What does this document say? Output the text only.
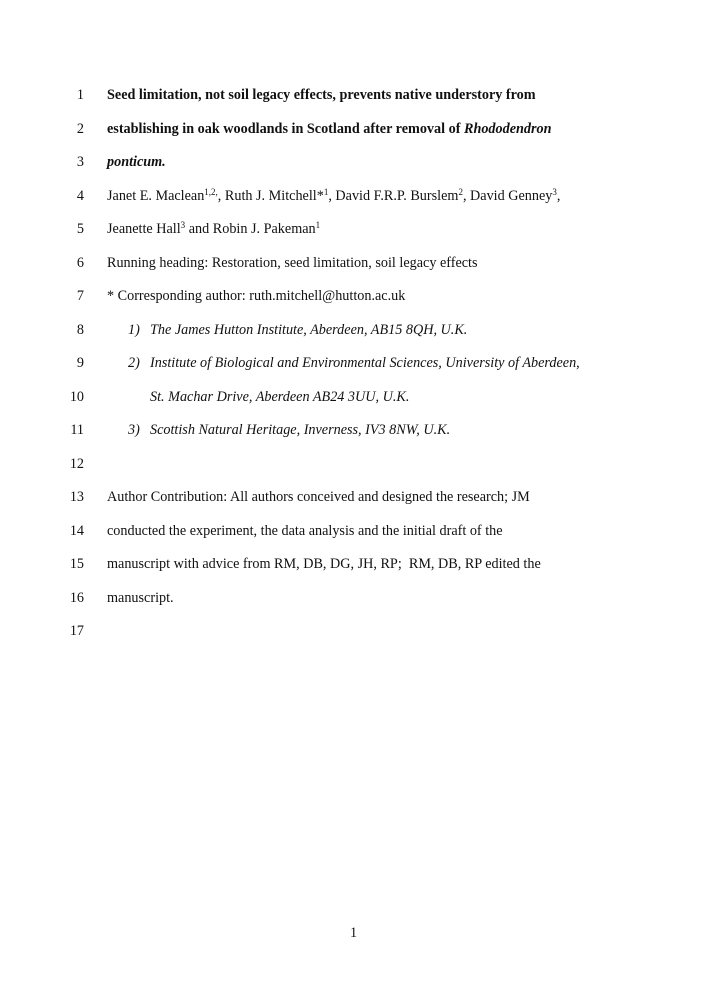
1 Seed limitation, not soil legacy effects, prevents native understory from
2 establishing in oak woodlands in Scotland after removal of Rhododendron
3 ponticum.
4 Janet E. Maclean$^{1,2,}$, Ruth J. Mitchell*$^1$, David F.R.P. Burslem$^2$, David Genney$^3$,
5 Jeanette Hall$^3$ and Robin J. Pakeman$^1$
6 Running heading: Restoration, seed limitation, soil legacy effects
7 * Corresponding author: ruth.mitchell@hutton.ac.uk
8	1) The James Hutton Institute, Aberdeen, AB15 8QH, U.K.
9	2) Institute of Biological and Environmental Sciences, University of Aberdeen,
10	St. Machar Drive, Aberdeen AB24 3UU, U.K.
11	3) Scottish Natural Heritage, Inverness, IV3 8NW, U.K.
12
13 Author Contribution: All authors conceived and designed the research; JM
14 conducted the experiment, the data analysis and the initial draft of the
15 manuscript with advice from RM, DB, DG, JH, RP;  RM, DB, RP edited the
16 manuscript.
17
1
